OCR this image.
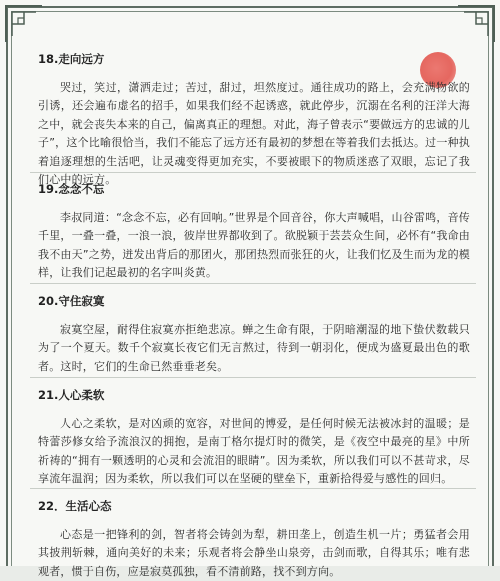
18.走向远方
哭过，笑过，潇洒走过；苦过，甜过，坦然度过。通往成功的路上，会充满物欲的引诱，还会遍布虚名的招手，如果我们经不起诱惑，就此停步，沉溺在名利的汪洋大海之中，就会丧失本来的自己，偏离真正的理想。对此，海子曾表示“要做远方的忠诚的儿子”，这个比喻很恰当，我们不能忘了远方还有最初的梦想在等着我们去抵达。过一种执着追逐理想的生活吧，让灵魂变得更加充实，不要被眼下的物质迷惑了双眼，忘记了我们心中的远方。
19.念念不忘
李叔同道：“念念不忘，必有回响。”世界是个回音谷，你大声喊唱，山谷雷鸣，音传千里，一叠一叠，一浪一浪，彼岸世界都收到了。欲脱颖于芸芸众生间，必怀有“我命由我不由天”之势，迸发出背后的那团火，那团热烈而张狂的火，让我们忆及生而为龙的模样，让我们记起最初的名字叫炎黄。
20.守住寂寞
寂寞空屋，耐得住寂寞亦拒绝悲凉。蝉之生命有限，于阴暗潮湿的地下蛰伏数载只为了一个夏天。数千个寂寞长夜它们无言熬过，待到一朝羽化，便成为盛夏最出色的歌者。这时，它们的生命已然垂垂老矣。
21.人心柔软
人心之柔软，是对凶顽的宽容，对世间的博爱，是任何时候无法被冰封的温暖；是特蕾莎修女给予流浪汉的拥抱，是南丁格尔提灯时的微笑，是《夜空中最亮的星》中所祈祷的“拥有一颗透明的心灵和会流泪的眼睛”。因为柔软，所以我们可以不甚苛求，尽享流年温润；因为柔软，所以我们可以在坚硬的壁垒下，重新拾得爱与感性的回归。
22．生活心态
心态是一把锋利的剑，智者将会铸剑为犁，耕田垄上，创造生机一片；勇猛者会用其披荆斩棘，通向美好的未来；乐观者将会静坐山泉旁，击剑而歌，自得其乐；唯有悲观者，惯于自伤，应是寂莫孤独，看不清前路，找不到方向。
